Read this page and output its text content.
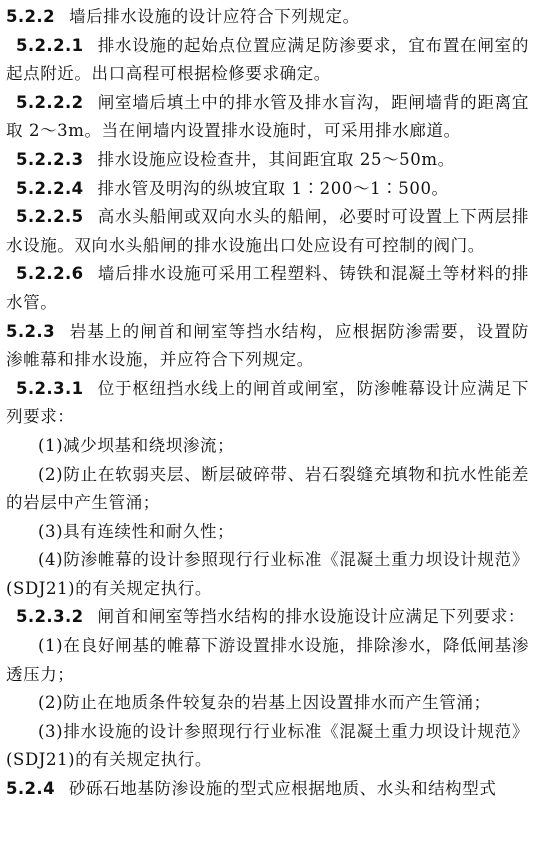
5.2.2 墙后排水设施的设计应符合下列规定。

5.2.2.1 排水设施的起始点位置应满足防渗要求，宜布置在闸室的起点附近。出口高程可根据检修要求确定。

5.2.2.2 闸室墙后填土中的排水管及排水盲沟，距闸墙背的距离宜取 2～3m。当在闸墙内设置排水设施时，可采用排水廊道。

5.2.2.3 排水设施应设检查井，其间距宜取 25～50m。

5.2.2.4 排水管及明沟的纵坡宜取 1∶200～1∶500。

5.2.2.5 高水头船闸或双向水头的船闸，必要时可设置上下两层排水设施。双向水头船闸的排水设施出口处应设有可控制的阀门。

5.2.2.6 墙后排水设施可采用工程塑料、铸铁和混凝土等材料的排水管。

5.2.3 岩基上的闸首和闸室等挡水结构，应根据防渗需要，设置防渗帷幕和排水设施，并应符合下列规定。

5.2.3.1 位于枢纽挡水线上的闸首或闸室，防渗帷幕设计应满足下列要求：

(1)减少坝基和绕坝渗流；

(2)防止在软弱夹层、断层破碎带、岩石裂缝充填物和抗水性能差的岩层中产生管涌；

(3)具有连续性和耐久性；

(4)防渗帷幕的设计参照现行行业标准《混凝土重力坝设计规范》(SDJ21)的有关规定执行。

5.2.3.2 闸首和闸室等挡水结构的排水设施设计应满足下列要求：

(1)在良好闸基的帷幕下游设置排水设施，排除渗水，降低闸基渗透压力；

(2)防止在地质条件较复杂的岩基上因设置排水而产生管涌；

(3)排水设施的设计参照现行行业标准《混凝土重力坝设计规范》(SDJ21)的有关规定执行。

5.2.4 砂砾石地基防渗设施的型式应根据地质、水头和结构型式
